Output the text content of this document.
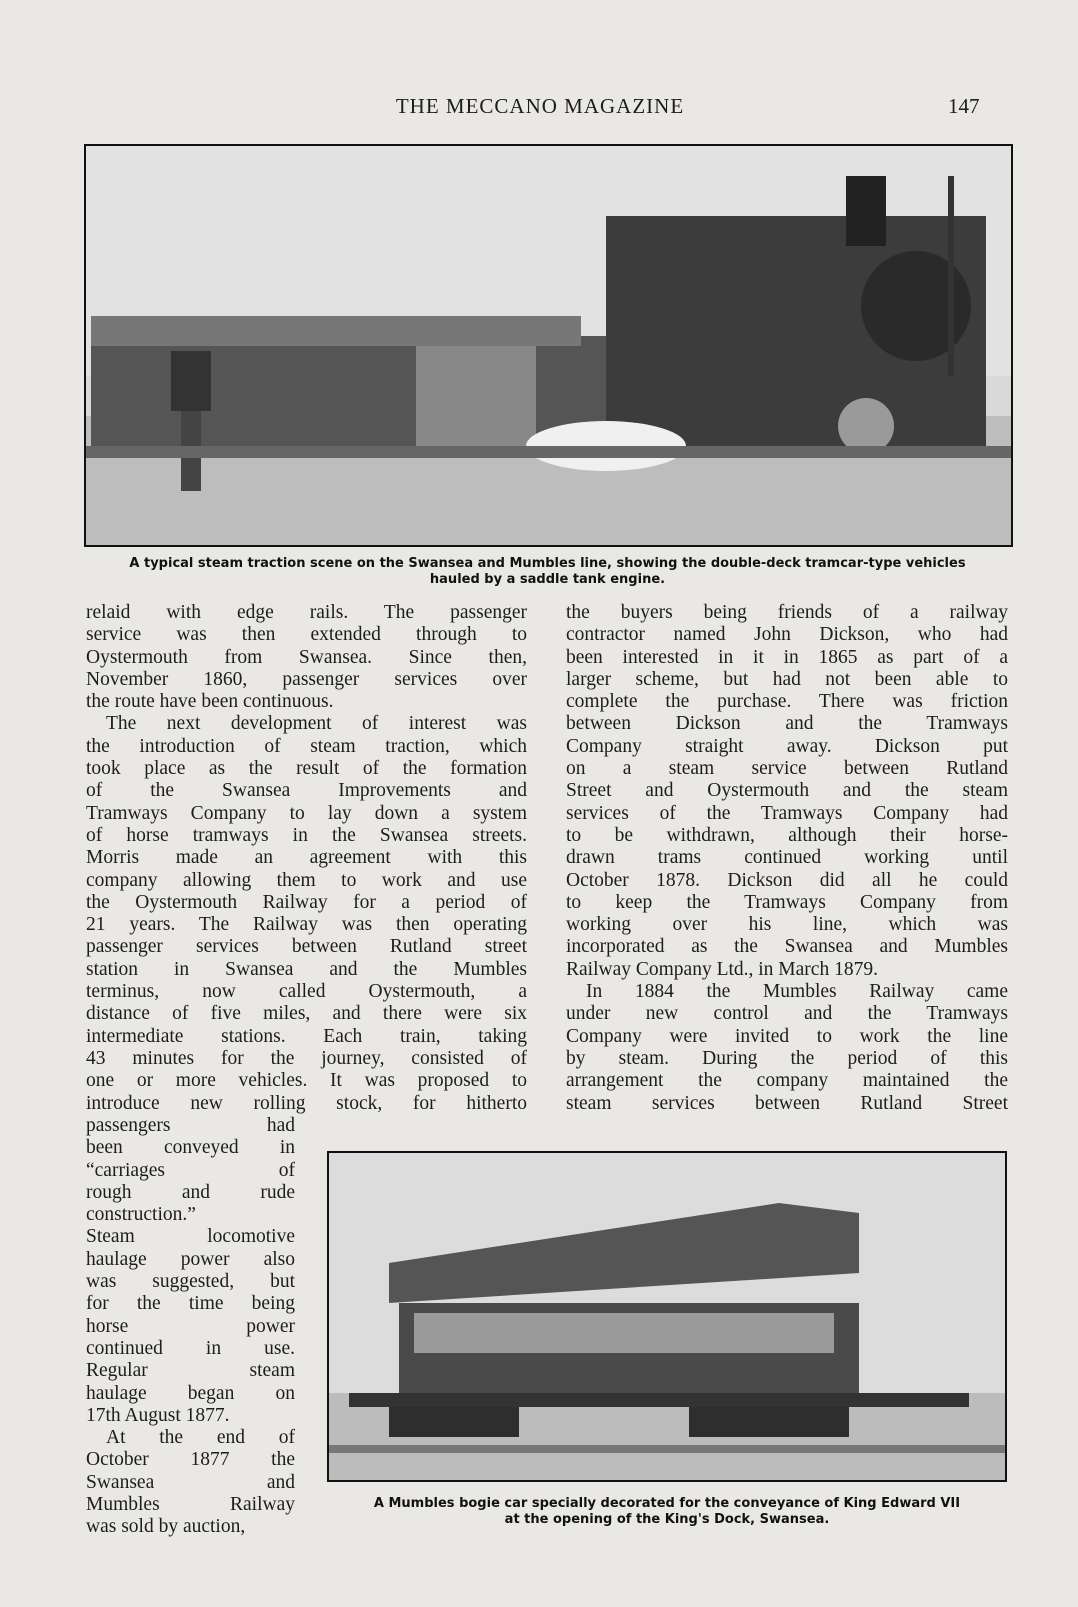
THE MECCANO MAGAZINE	147
A typical steam traction scene on the Swansea and Mumbles line, showing the double-deck tramcar-type vehicles
hauled by a saddle tank engine.

relaid with edge rails. The passenger

service was then extended through to

Oystermouth from Swansea. Since then,

November 1860, passenger services over

the route have been continuous.

The next development of interest was

the introduction of steam traction, which

took place as the result of the formation

of the Swansea Improvements and

Tramways Company to lay down a system

of horse tramways in the Swansea streets.

Morris made an agreement with this

company allowing them to work and use

the Oystermouth Railway for a period of

21 years. The Railway was then operating

passenger services between Rutland street

station in Swansea and the Mumbles

terminus, now called Oystermouth, a

distance of five miles, and there were six

intermediate stations. Each train, taking

43 minutes for the journey, consisted of

one or more vehicles. It was proposed to

introduce new rolling stock, for hitherto

passengers had

been conveyed in

“carriages of

rough and rude

construction.”

Steam locomotive

haulage power also

was suggested, but

for the time being

horse power

continued in use.

Regular steam

haulage began on

17th August 1877.

At the end of

October 1877 the

Swansea and

Mumbles Railway

was sold by auction,

the buyers being friends of a railway

contractor named John Dickson, who had

been interested in it in 1865 as part of a

larger scheme, but had not been able to

complete the purchase. There was friction

between Dickson and the Tramways

Company straight away. Dickson put

on a steam service between Rutland

Street and Oystermouth and the steam

services of the Tramways Company had

to be withdrawn, although their horse-

drawn trams continued working until

October 1878. Dickson did all he could

to keep the Tramways Company from

working over his line, which was

incorporated as the Swansea and Mumbles

Railway Company Ltd., in March 1879.

In 1884 the Mumbles Railway came

under new control and the Tramways

Company were invited to work the line

by steam. During the period of this

arrangement the company maintained the

steam services between Rutland Street

A Mumbles bogie car specially decorated for the conveyance of King Edward VII
at the opening of the King's Dock, Swansea.
